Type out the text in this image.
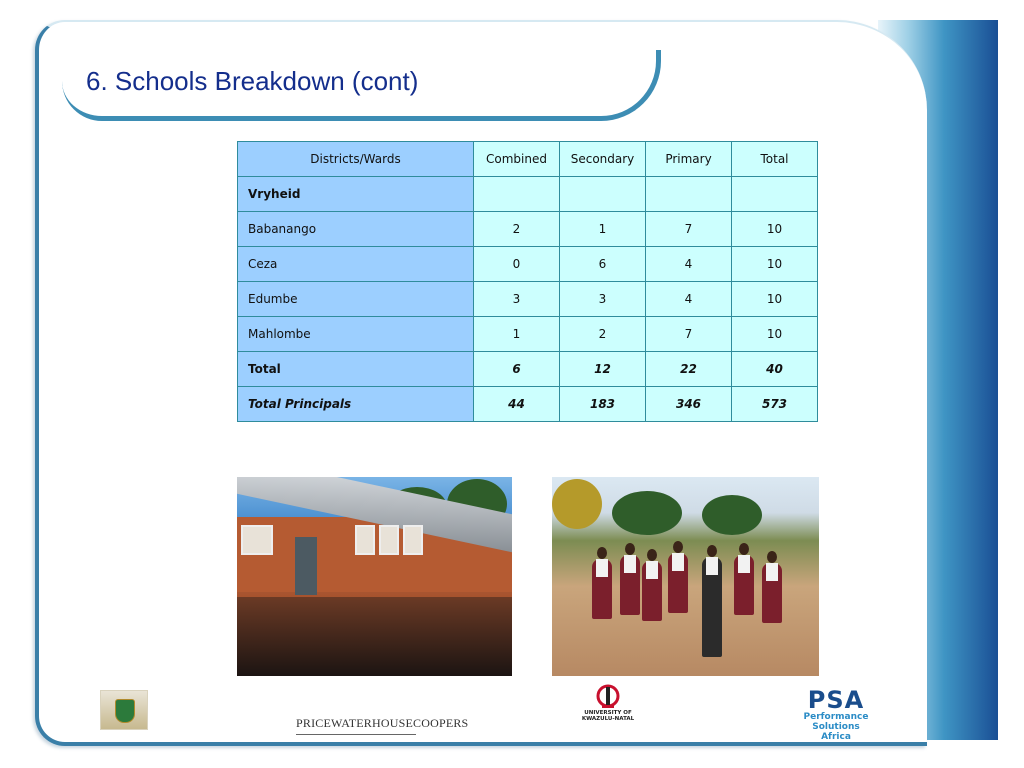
6. Schools Breakdown (cont)
Districts/Wards	Combined	Secondary	Primary	Total
Vryheid				
Babanango	2	1	7	10
Ceza	0	6	4	10
Edumbe	3	3	4	10
Mahlombe	1	2	7	10
Total	6	12	22	40
Total Principals	44	183	346	573
PRICEWATERHOUSECOOPERS
UNIVERSITY OF
KWAZULU-NATAL
PSA
Performance
Solutions Africa
